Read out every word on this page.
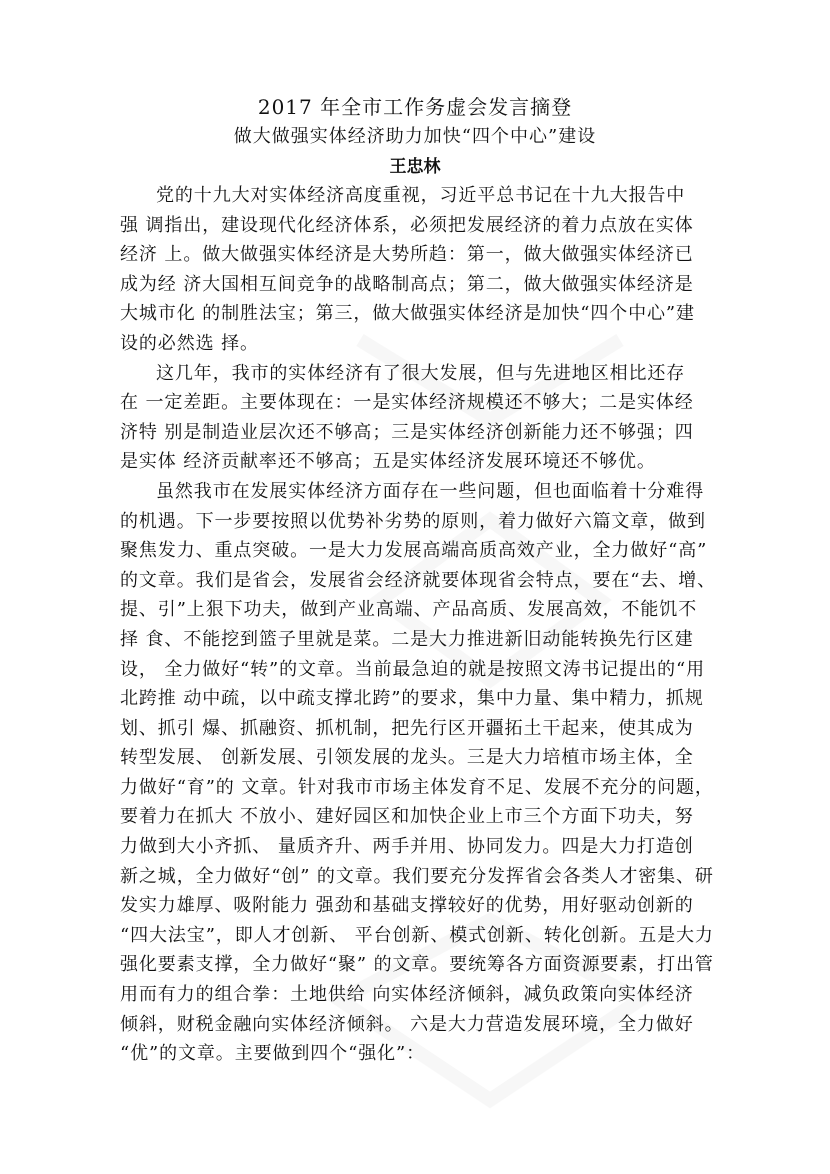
2017 年全市工作务虚会发言摘登
做大做强实体经济助力加快“四个中心”建设
王忠林

党的十九大对实体经济高度重视，习近平总书记在十九大报告中
强 调指出，建设现代化经济体系，必须把发展经济的着力点放在实体
经济 上。做大做强实体经济是大势所趋：第一，做大做强实体经济已
成为经 济大国相互间竞争的战略制高点；第二，做大做强实体经济是
大城市化 的制胜法宝；第三，做大做强实体经济是加快“四个中心”建
设的必然选 择。

这几年，我市的实体经济有了很大发展，但与先进地区相比还存
在 一定差距。主要体现在：一是实体经济规模还不够大；二是实体经
济特 别是制造业层次还不够高；三是实体经济创新能力还不够强；四
是实体 经济贡献率还不够高；五是实体经济发展环境还不够优。

虽然我市在发展实体经济方面存在一些问题，但也面临着十分难得
的机遇。下一步要按照以优势补劣势的原则，着力做好六篇文章，做到
聚焦发力、重点突破。一是大力发展高端高质高效产业，全力做好“高”
的文章。我们是省会，发展省会经济就要体现省会特点，要在“去、增、
提、引”上狠下功夫，做到产业高端、产品高质、发展高效，不能饥不
择 食、不能挖到篮子里就是菜。二是大力推进新旧动能转换先行区建
设， 全力做好“转”的文章。当前最急迫的就是按照文涛书记提出的“用
北跨推 动中疏，以中疏支撑北跨”的要求，集中力量、集中精力，抓规
划、抓引 爆、抓融资、抓机制，把先行区开疆拓土干起来，使其成为
转型发展、 创新发展、引领发展的龙头。三是大力培植市场主体，全
力做好“育”的 文章。针对我市市场主体发育不足、发展不充分的问题，
要着力在抓大 不放小、建好园区和加快企业上市三个方面下功夫，努
力做到大小齐抓、 量质齐升、两手并用、协同发力。四是大力打造创
新之城，全力做好“创” 的文章。我们要充分发挥省会各类人才密集、研
发实力雄厚、吸附能力 强劲和基础支撑较好的优势，用好驱动创新的
“四大法宝”，即人才创新、 平台创新、模式创新、转化创新。五是大力
强化要素支撑，全力做好“聚” 的文章。要统筹各方面资源要素，打出管
用而有力的组合拳：土地供给 向实体经济倾斜，减负政策向实体经济
倾斜，财税金融向实体经济倾斜。 六是大力营造发展环境，全力做好
“优”的文章。主要做到四个“强化”：
